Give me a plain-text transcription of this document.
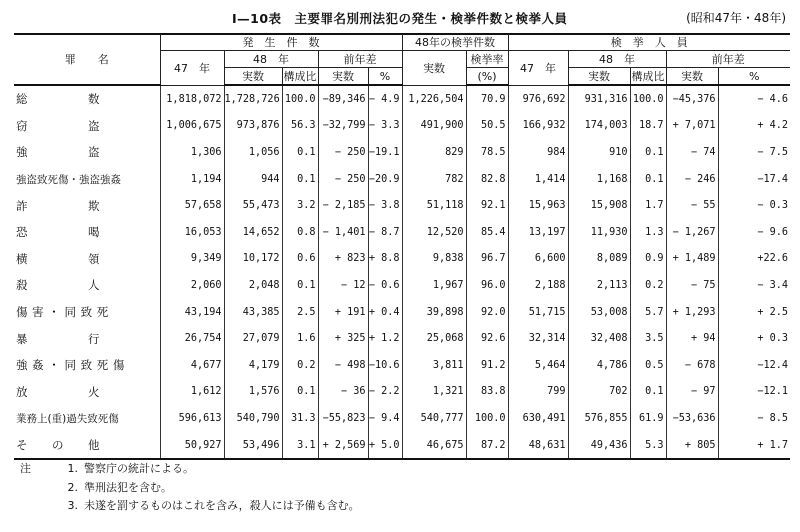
Ⅰ—10表　主要罪名別刑法犯の発生・検挙件数と検挙人員	(昭和47年・48年)
罪　　名	発　生　件　数					48年の検挙件数		検　挙　人　員				
	47　年	48　年		前年差		実数	検挙率	47　年	48　年		前年差	
		実数	構成比	実数	%		(%)		実数	構成比	実数	%
総　　　　　数	1,818,072	1,728,726	100.0	−89,346	− 4.9	1,226,504	70.9	976,692	931,316	100.0	−45,376	− 4.6
窃　　　　　盗	1,006,675	973,876	56.3	−32,799	− 3.3	491,900	50.5	166,932	174,003	18.7	+ 7,071	+ 4.2
強　　　　　盗	1,306	1,056	0.1	− 250	−19.1	829	78.5	984	910	0.1	− 74	− 7.5
強盗致死傷・強盗強姦	1,194	944	0.1	− 250	−20.9	782	82.8	1,414	1,168	0.1	− 246	−17.4
詐　　　　　欺	57,658	55,473	3.2	− 2,185	− 3.8	51,118	92.1	15,963	15,908	1.7	− 55	− 0.3
恐　　　　　喝	16,053	14,652	0.8	− 1,401	− 8.7	12,520	85.4	13,197	11,930	1.3	− 1,267	− 9.6
横　　　　　領	9,349	10,172	0.6	+ 823	+ 8.8	9,838	96.7	6,600	8,089	0.9	+ 1,489	+22.6
殺　　　　　人	2,060	2,048	0.1	− 12	− 0.6	1,967	96.0	2,188	2,113	0.2	− 75	− 3.4
傷 害 ・ 同 致 死	43,194	43,385	2.5	+ 191	+ 0.4	39,898	92.0	51,715	53,008	5.7	+ 1,293	+ 2.5
暴　　　　　行	26,754	27,079	1.6	+ 325	+ 1.2	25,068	92.6	32,314	32,408	3.5	+ 94	+ 0.3
強 姦 ・ 同 致 死 傷	4,677	4,179	0.2	− 498	−10.6	3,811	91.2	5,464	4,786	0.5	− 678	−12.4
放　　　　　火	1,612	1,576	0.1	− 36	− 2.2	1,321	83.8	799	702	0.1	− 97	−12.1
業務上(重)過失致死傷	596,613	540,790	31.3	−55,823	− 9.4	540,777	100.0	630,491	576,855	61.9	−53,636	− 8.5
そ　　の　　他	50,927	53,496	3.1	+ 2,569	+ 5.0	46,675	87.2	48,631	49,436	5.3	+ 805	+ 1.7
注	1. 警察庁の統計による。
2. 準刑法犯を含む。
3. 未遂を罰するものはこれを含み，殺人には予備も含む。
